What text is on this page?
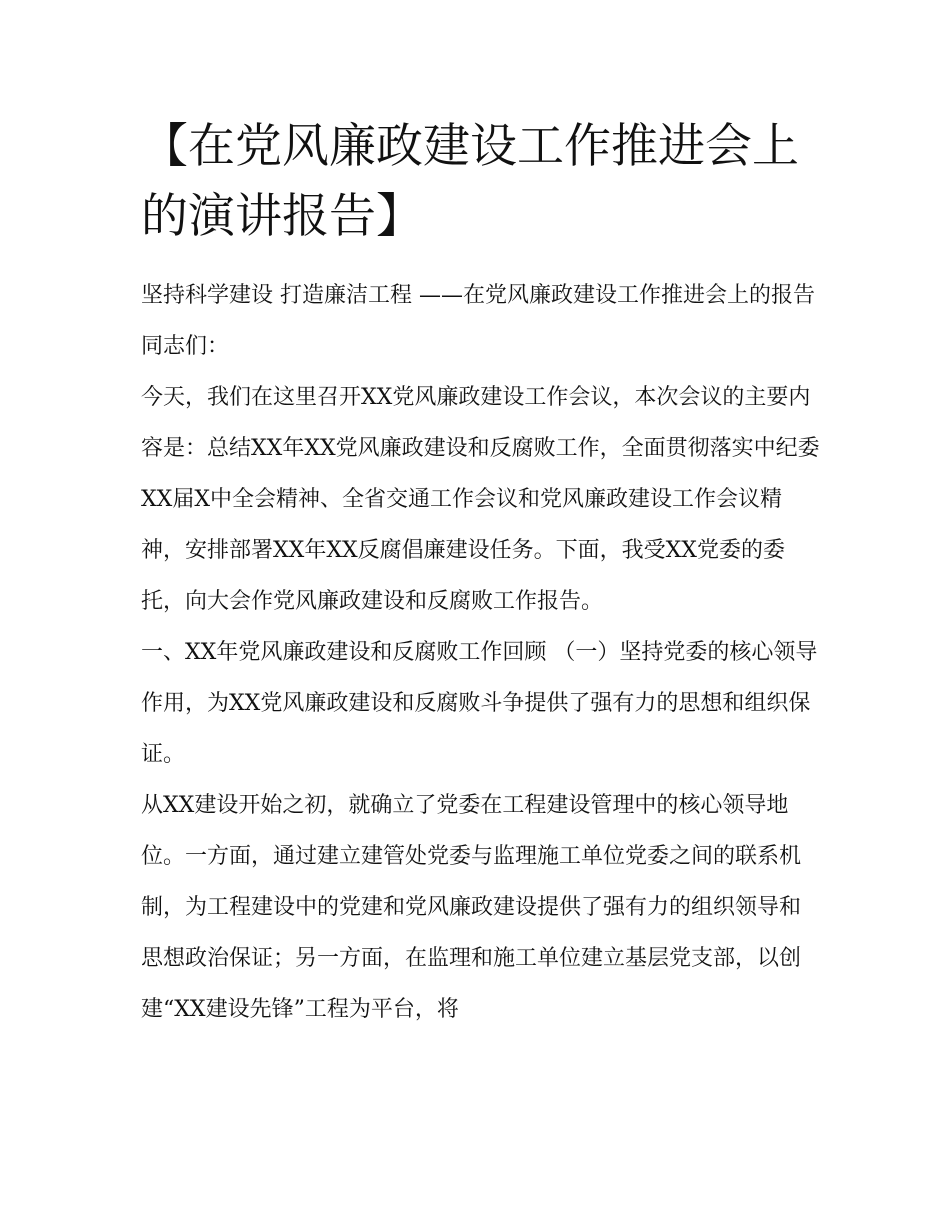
【在党风廉政建设工作推进会上的演讲报告】

坚持科学建设 打造廉洁工程 ——在党风廉政建设工作推进会上的报告 同志们：

今天，我们在这里召开XX党风廉政建设工作会议，本次会议的主要内容是：总结XX年XX党风廉政建设和反腐败工作，全面贯彻落实中纪委XX届X中全会精神、全省交通工作会议和党风廉政建设工作会议精神，安排部署XX年XX反腐倡廉建设任务。下面，我受XX党委的委托，向大会作党风廉政建设和反腐败工作报告。

一、XX年党风廉政建设和反腐败工作回顾 （一）坚持党委的核心领导作用，为XX党风廉政建设和反腐败斗争提供了强有力的思想和组织保证。

从XX建设开始之初，就确立了党委在工程建设管理中的核心领导地位。一方面，通过建立建管处党委与监理施工单位党委之间的联系机制，为工程建设中的党建和党风廉政建设提供了强有力的组织领导和思想政治保证；另一方面，在监理和施工单位建立基层党支部，以创建“XX建设先锋”工程为平台，将
